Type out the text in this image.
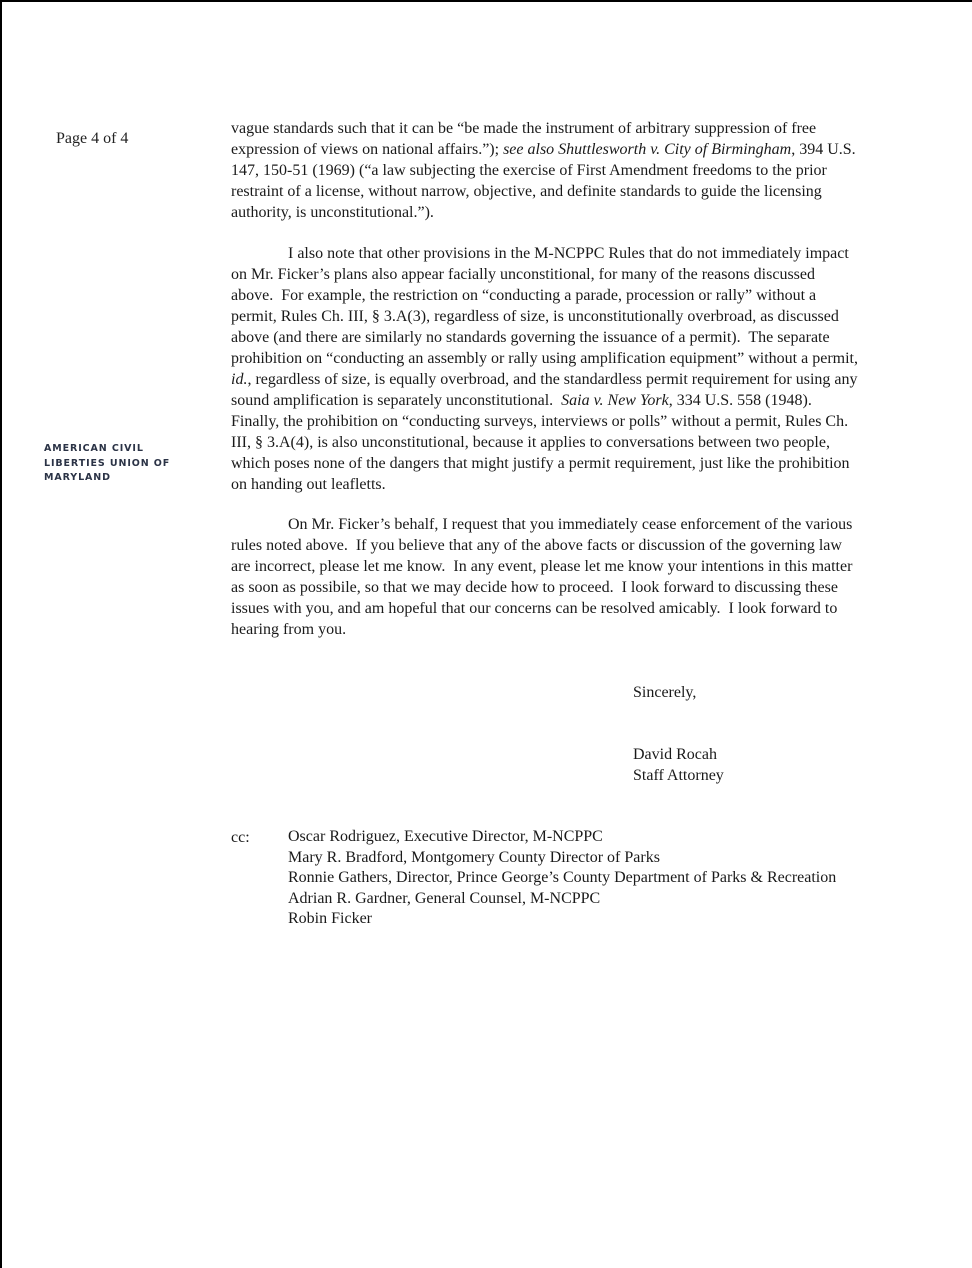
Page 4 of 4
AMERICAN CIVIL
LIBERTIES UNION OF
MARYLAND
vague standards such that it can be “be made the instrument of arbitrary suppression of free
expression of views on national affairs.”); see also Shuttlesworth v. City of Birmingham, 394 U.S.
147, 150-51 (1969) (“a law subjecting the exercise of First Amendment freedoms to the prior
restraint of a license, without narrow, objective, and definite standards to guide the licensing
authority, is unconstitutional.”).
I also note that other provisions in the M-NCPPC Rules that do not immediately impact
on Mr. Ficker’s plans also appear facially unconstitional, for many of the reasons discussed
above.  For example, the restriction on “conducting a parade, procession or rally” without a
permit, Rules Ch. III, § 3.A(3), regardless of size, is unconstitutionally overbroad, as discussed
above (and there are similarly no standards governing the issuance of a permit).  The separate
prohibition on “conducting an assembly or rally using amplification equipment” without a permit,
id., regardless of size, is equally overbroad, and the standardless permit requirement for using any
sound amplification is separately unconstitutional.  Saia v. New York, 334 U.S. 558 (1948).
Finally, the prohibition on “conducting surveys, interviews or polls” without a permit, Rules Ch.
III, § 3.A(4), is also unconstitutional, because it applies to conversations between two people,
which poses none of the dangers that might justify a permit requirement, just like the prohibition
on handing out leafletts.
On Mr. Ficker’s behalf, I request that you immediately cease enforcement of the various
rules noted above.  If you believe that any of the above facts or discussion of the governing law
are incorrect, please let me know.  In any event, please let me know your intentions in this matter
as soon as possibile, so that we may decide how to proceed.  I look forward to discussing these
issues with you, and am hopeful that our concerns can be resolved amicably.  I look forward to
hearing from you.
Sincerely,
David Rocah
Staff Attorney
cc: Oscar Rodriguez, Executive Director, M-NCPPC
Mary R. Bradford, Montgomery County Director of Parks
Ronnie Gathers, Director, Prince George’s County Department of Parks & Recreation
Adrian R. Gardner, General Counsel, M-NCPPC
Robin Ficker
